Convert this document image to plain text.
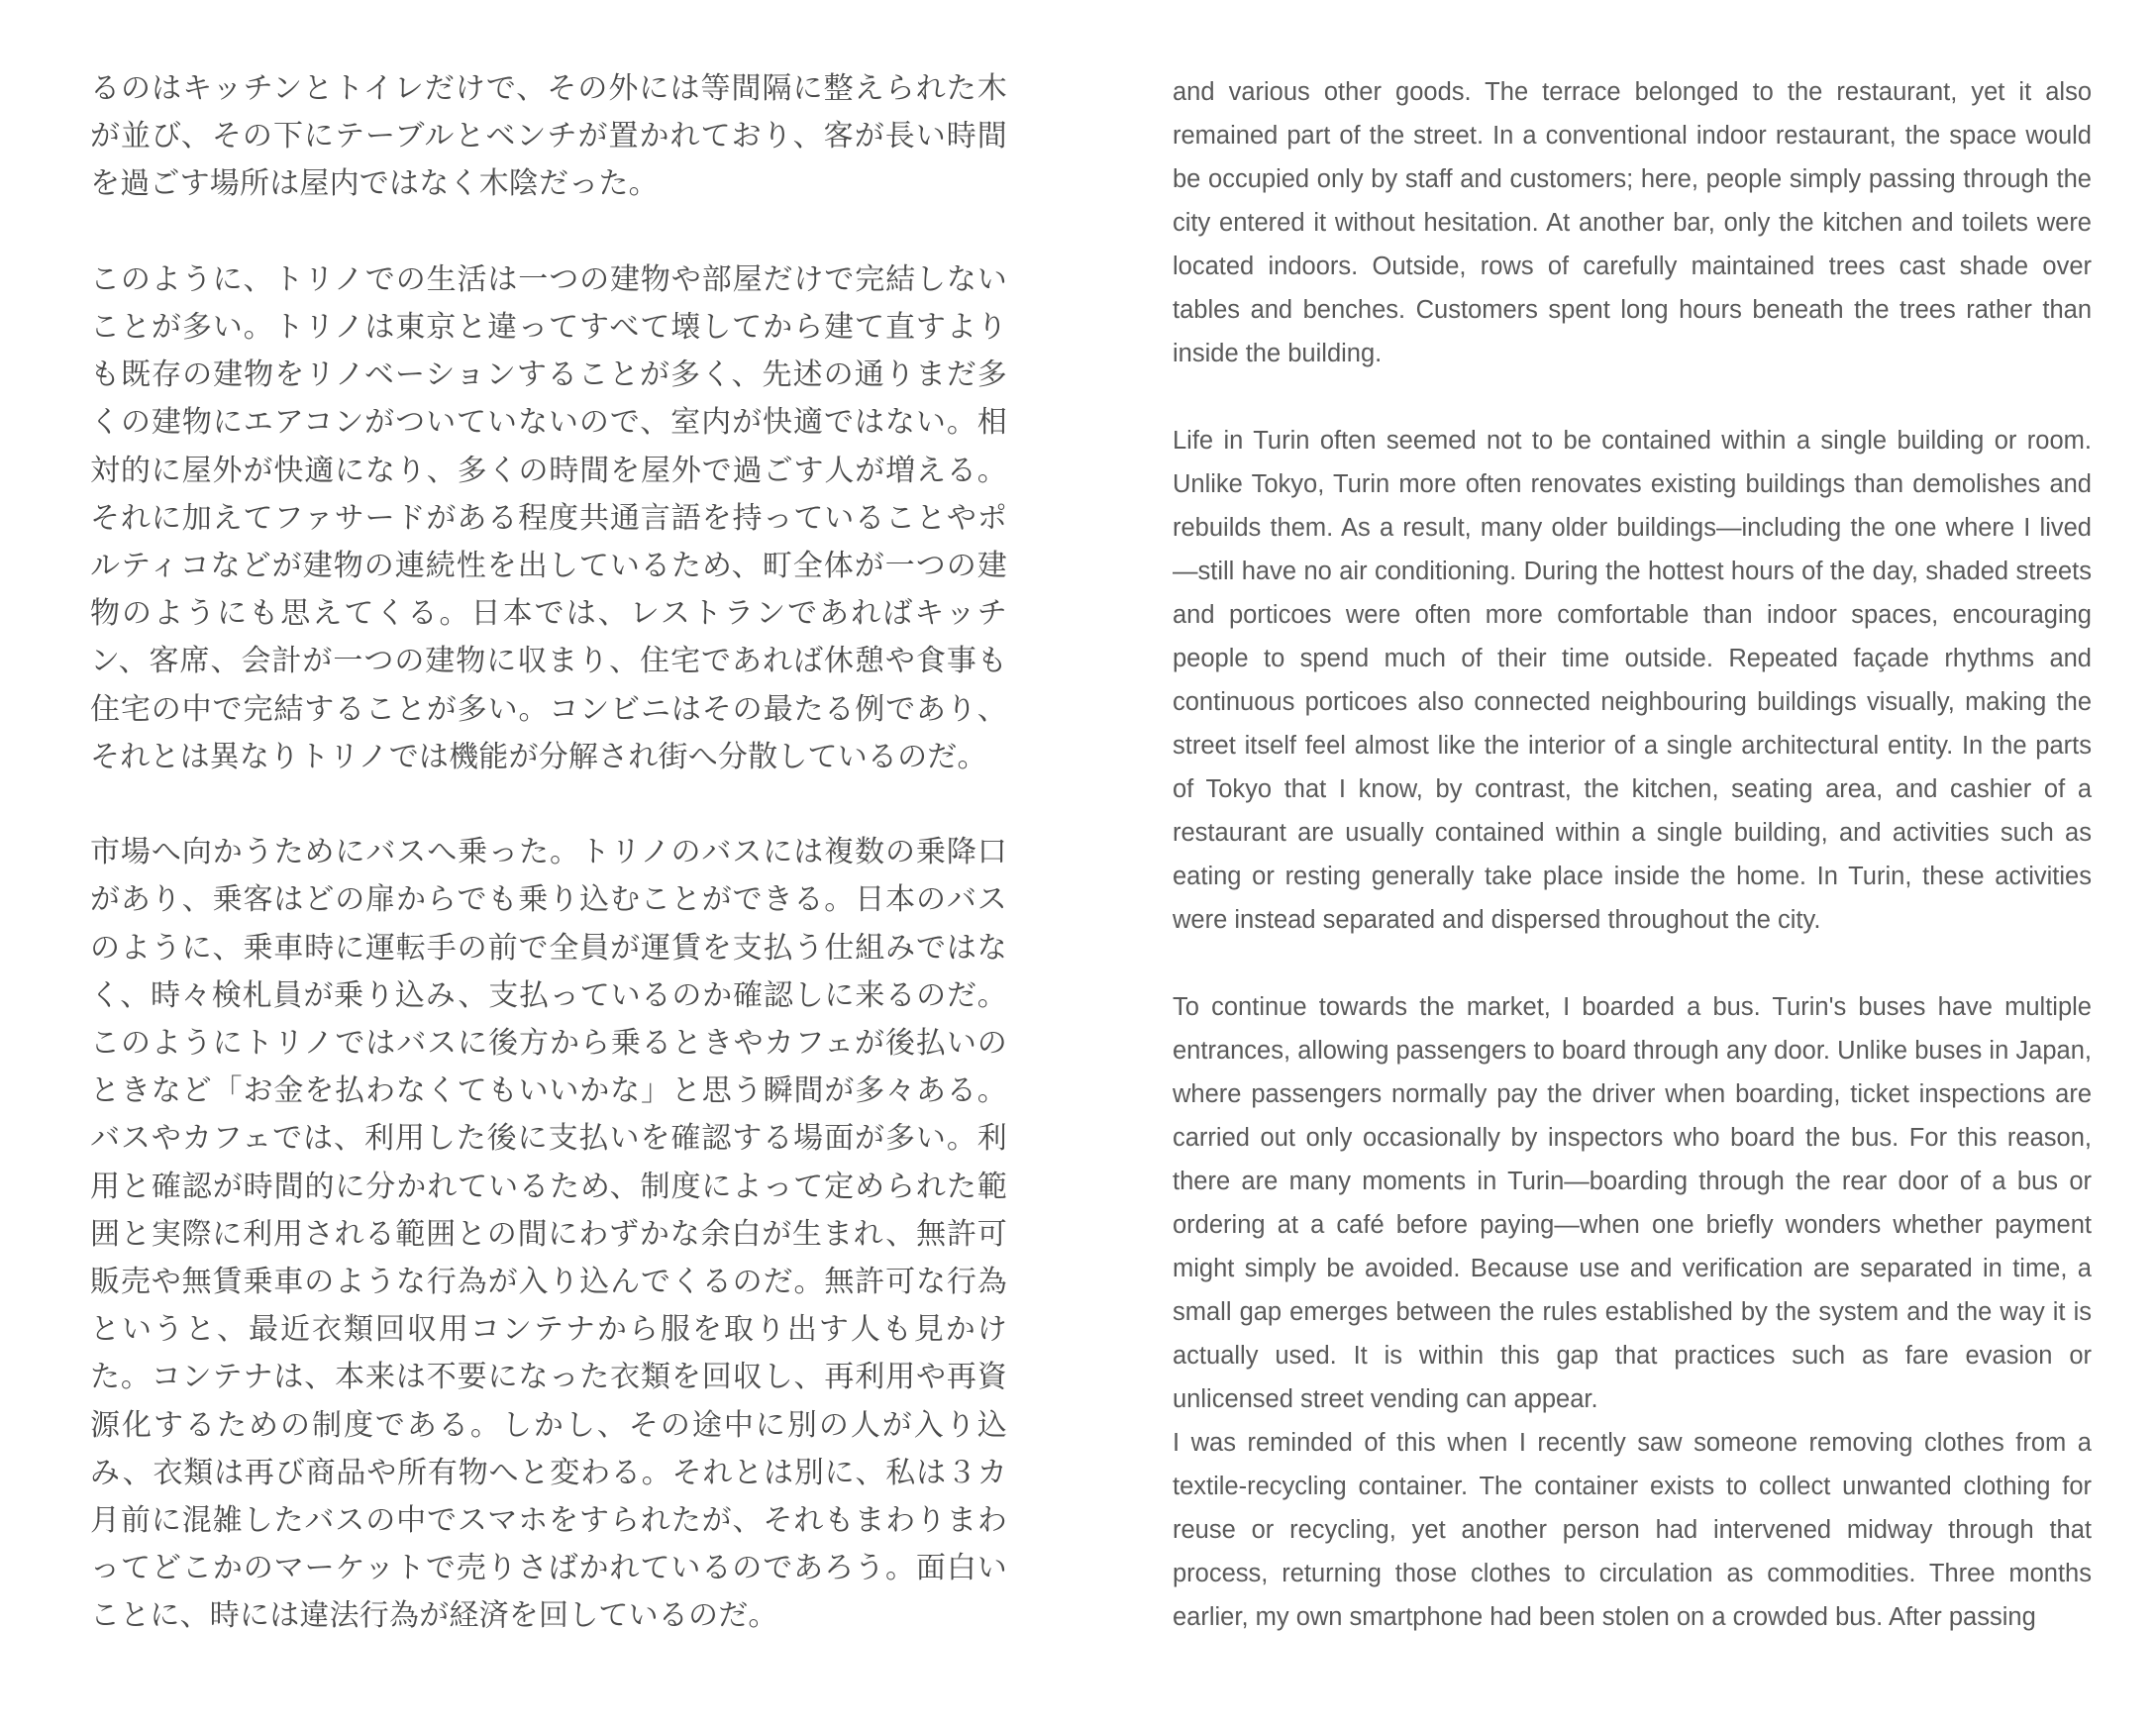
るのはキッチンとトイレだけで、その外には等間隔に整えられた木が並び、その下にテーブルとベンチが置かれており、客が長い時間を過ごす場所は屋内ではなく木陰だった。

このように、トリノでの生活は一つの建物や部屋だけで完結しないことが多い。トリノは東京と違ってすべて壊してから建て直すよりも既存の建物をリノベーションすることが多く、先述の通りまだ多くの建物にエアコンがついていないので、室内が快適ではない。相対的に屋外が快適になり、多くの時間を屋外で過ごす人が増える。それに加えてファサードがある程度共通言語を持っていることやポルティコなどが建物の連続性を出しているため、町全体が一つの建物のようにも思えてくる。日本では、レストランであればキッチン、客席、会計が一つの建物に収まり、住宅であれば休憩や食事も住宅の中で完結することが多い。コンビニはその最たる例であり、それとは異なりトリノでは機能が分解され街へ分散しているのだ。

市場へ向かうためにバスへ乗った。トリノのバスには複数の乗降口があり、乗客はどの扉からでも乗り込むことができる。日本のバスのように、乗車時に運転手の前で全員が運賃を支払う仕組みではなく、時々検札員が乗り込み、支払っているのか確認しに来るのだ。このようにトリノではバスに後方から乗るときやカフェが後払いのときなど「お金を払わなくてもいいかな」と思う瞬間が多々ある。バスやカフェでは、利用した後に支払いを確認する場面が多い。利用と確認が時間的に分かれているため、制度によって定められた範囲と実際に利用される範囲との間にわずかな余白が生まれ、無許可販売や無賃乗車のような行為が入り込んでくるのだ。無許可な行為というと、最近衣類回収用コンテナから服を取り出す人も見かけた。コンテナは、本来は不要になった衣類を回収し、再利用や再資源化するための制度である。しかし、その途中に別の人が入り込み、衣類は再び商品や所有物へと変わる。それとは別に、私は３カ月前に混雑したバスの中でスマホをすられたが、それもまわりまわってどこかのマーケットで売りさばかれているのであろう。面白いことに、時には違法行為が経済を回しているのだ。

and various other goods. The terrace belonged to the restaurant, yet it also remained part of the street. In a conventional indoor restaurant, the space would be occupied only by staff and customers; here, people simply passing through the city entered it without hesitation. At another bar, only the kitchen and toilets were located indoors. Outside, rows of carefully maintained trees cast shade over tables and benches. Customers spent long hours beneath the trees rather than inside the building.

Life in Turin often seemed not to be contained within a single building or room. Unlike Tokyo, Turin more often renovates existing buildings than demolishes and rebuilds them. As a result, many older buildings—including the one where I lived—still have no air conditioning. During the hottest hours of the day, shaded streets and porticoes were often more comfortable than indoor spaces, encouraging people to spend much of their time outside. Repeated façade rhythms and continuous porticoes also connected neighbouring buildings visually, making the street itself feel almost like the interior of a single architectural entity. In the parts of Tokyo that I know, by contrast, the kitchen, seating area, and cashier of a restaurant are usually contained within a single building, and activities such as eating or resting generally take place inside the home. In Turin, these activities were instead separated and dispersed throughout the city.

To continue towards the market, I boarded a bus. Turin's buses have multiple entrances, allowing passengers to board through any door. Unlike buses in Japan, where passengers normally pay the driver when boarding, ticket inspections are carried out only occasionally by inspectors who board the bus. For this reason, there are many moments in Turin—boarding through the rear door of a bus or ordering at a café before paying—when one briefly wonders whether payment might simply be avoided. Because use and verification are separated in time, a small gap emerges between the rules established by the system and the way it is actually used. It is within this gap that practices such as fare evasion or unlicensed street vending can appear.

I was reminded of this when I recently saw someone removing clothes from a textile-recycling container. The container exists to collect unwanted clothing for reuse or recycling, yet another person had intervened midway through that process, returning those clothes to circulation as commodities. Three months earlier, my own smartphone had been stolen on a crowded bus. After passing
